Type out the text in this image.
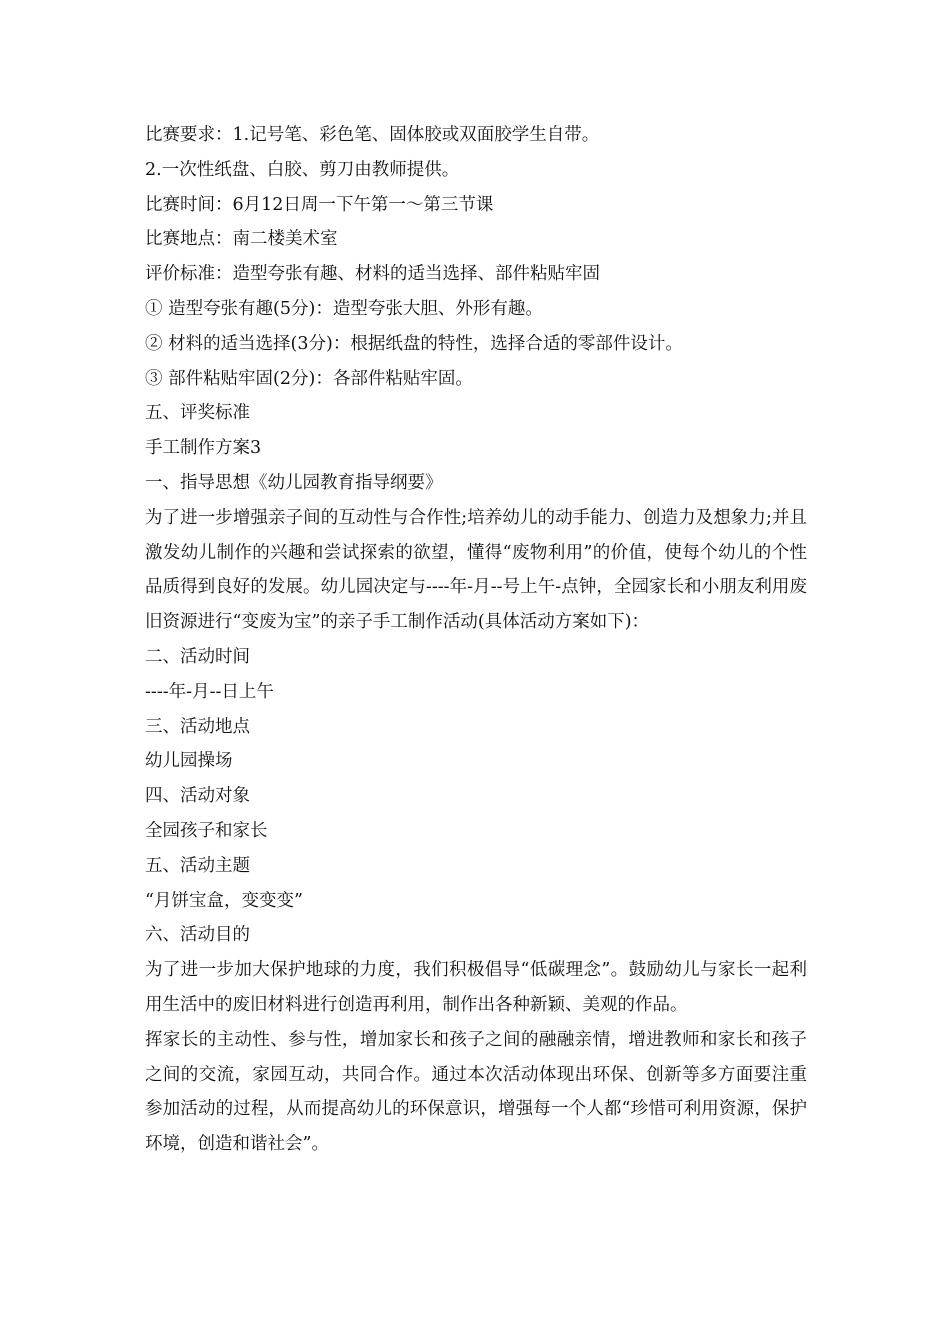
比赛要求：1.记号笔、彩色笔、固体胶或双面胶学生自带。
2.一次性纸盘、白胶、剪刀由教师提供。
比赛时间：6月12日周一下午第一～第三节课
比赛地点：南二楼美术室
评价标准：造型夸张有趣、材料的适当选择、部件粘贴牢固
① 造型夸张有趣(5分)：造型夸张大胆、外形有趣。
② 材料的适当选择(3分)：根据纸盘的特性，选择合适的零部件设计。
③ 部件粘贴牢固(2分)：各部件粘贴牢固。
五、评奖标准
手工制作方案3
一、指导思想《幼儿园教育指导纲要》
为了进一步增强亲子间的互动性与合作性;培养幼儿的动手能力、创造力及想象力;并且激发幼儿制作的兴趣和尝试探索的欲望，懂得“废物利用”的价值，使每个幼儿的个性品质得到良好的发展。幼儿园决定与----年-月--号上午-点钟，全园家长和小朋友利用废旧资源进行“变废为宝”的亲子手工制作活动(具体活动方案如下)：
二、活动时间
----年-月--日上午
三、活动地点
幼儿园操场
四、活动对象
全园孩子和家长
五、活动主题
“月饼宝盒，变变变”
六、活动目的
为了进一步加大保护地球的力度，我们积极倡导“低碳理念”。鼓励幼儿与家长一起利用生活中的废旧材料进行创造再利用，制作出各种新颖、美观的作品。
挥家长的主动性、参与性，增加家长和孩子之间的融融亲情，增进教师和家长和孩子之间的交流，家园互动，共同合作。通过本次活动体现出环保、创新等多方面要注重参加活动的过程，从而提高幼儿的环保意识，增强每一个人都“珍惜可利用资源，保护环境，创造和谐社会”。
